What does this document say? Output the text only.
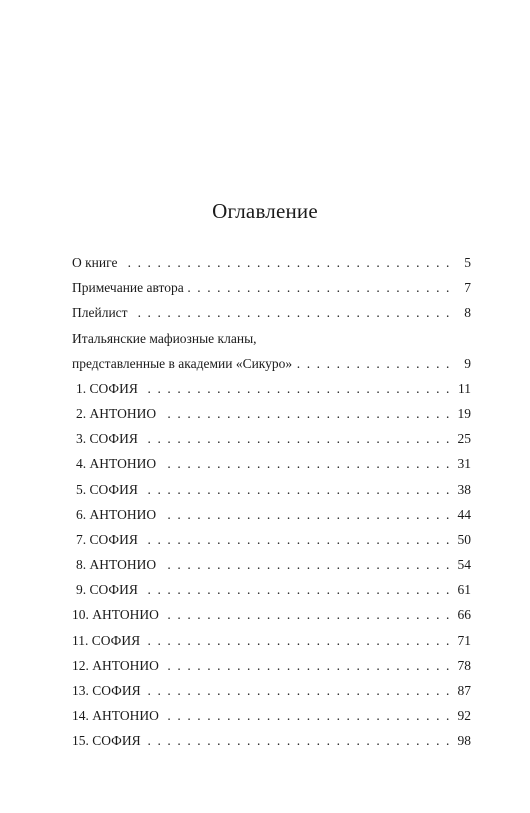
Оглавление
О книге . . .	5
Примечание автора . . .	7
Плейлист . . .	8
Итальянские мафиозные кланы,
представленные в академии «Сикуро» . . .	9
1. СОФИЯ . . .	11
2. АНТОНИО . . .	19
3. СОФИЯ . . .	25
4. АНТОНИО . . .	31
5. СОФИЯ . . .	38
6. АНТОНИО . . .	44
7. СОФИЯ . . .	50
8. АНТОНИО . . .	54
9. СОФИЯ . . .	61
10. АНТОНИО . . .	66
11. СОФИЯ . . .	71
12. АНТОНИО . . .	78
13. СОФИЯ . . .	87
14. АНТОНИО . . .	92
15. СОФИЯ . . .	98
